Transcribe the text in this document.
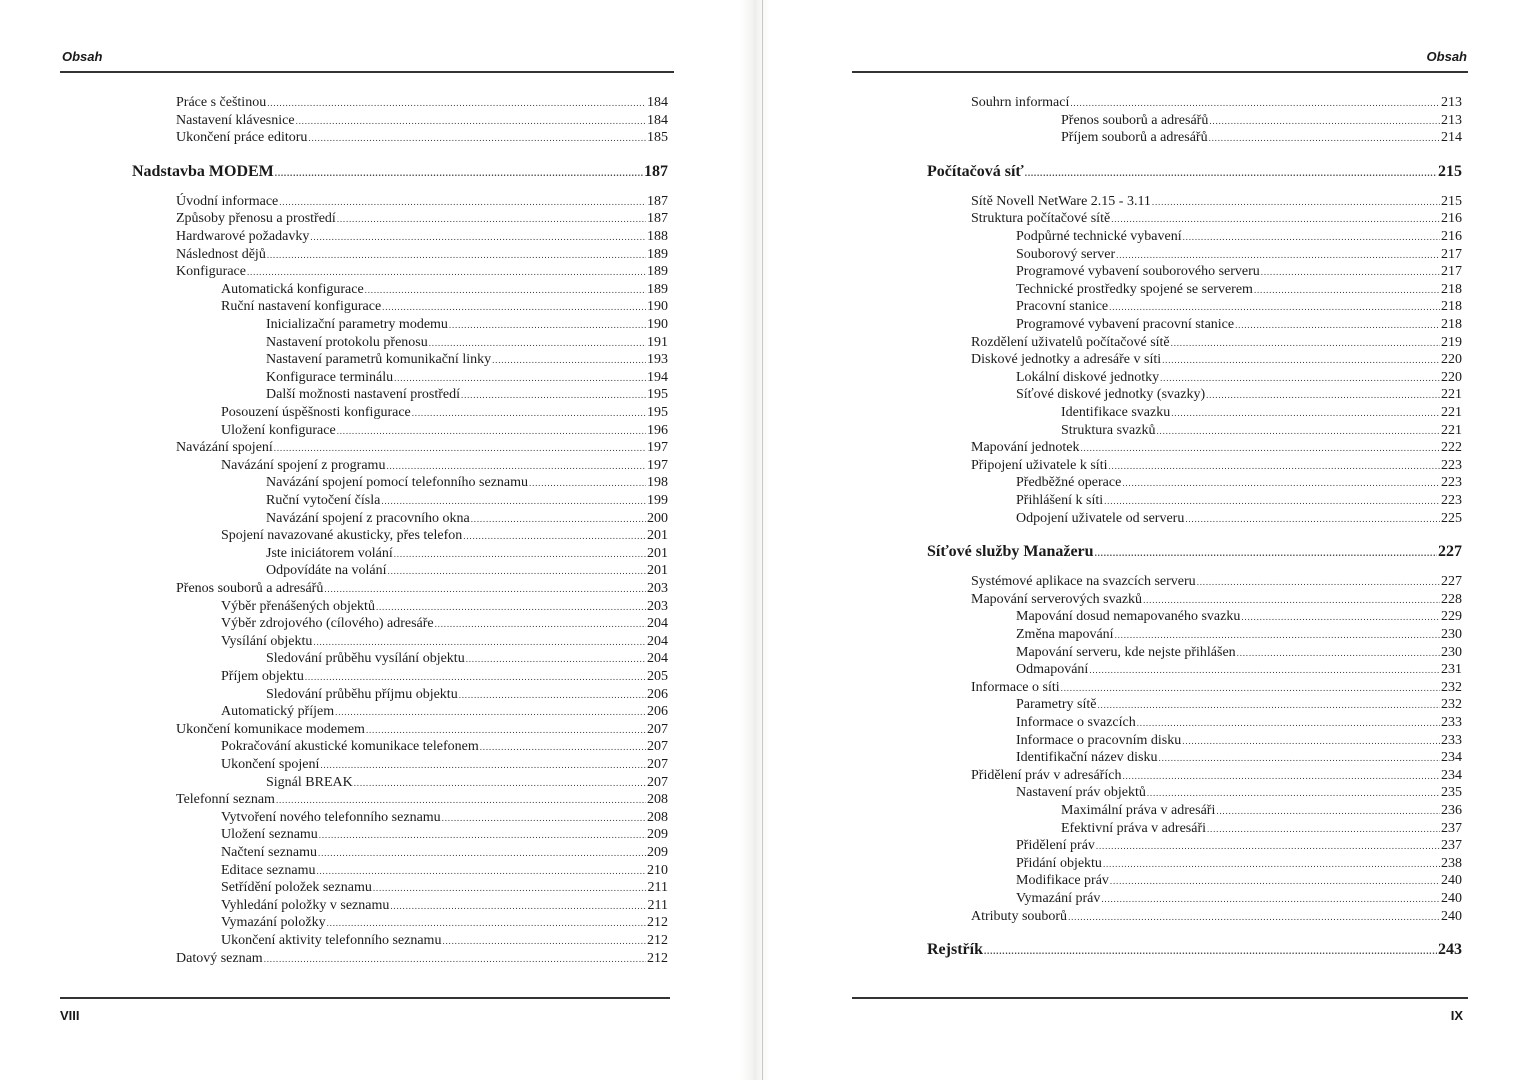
Obsah

Práce s češtinou .....	184
Nastavení klávesnice .....	184
Ukončení práce editoru .....	185
Nadstavba MODEM .....	187
Úvodní informace .....	187
Způsoby přenosu a prostředí .....	187
Hardwarové požadavky .....	188
Následnost dějů .....	189
Konfigurace .....	189
Automatická konfigurace .....	189
Ruční nastavení konfigurace .....	190
Inicializační parametry modemu .....	190
Nastavení protokolu přenosu .....	191
Nastavení parametrů komunikační linky .....	193
Konfigurace terminálu .....	194
Další možnosti nastavení prostředí .....	195
Posouzení úspěšnosti konfigurace .....	195
Uložení konfigurace .....	196
Navázání spojení .....	197
Navázání spojení z programu .....	197
Navázání spojení pomocí telefonního seznamu .....	198
Ruční vytočení čísla .....	199
Navázání spojení z pracovního okna .....	200
Spojení navazované akusticky, přes telefon .....	201
Jste iniciátorem volání .....	201
Odpovídáte na volání .....	201
Přenos souborů a adresářů .....	203
Výběr přenášených objektů .....	203
Výběr zdrojového (cílového) adresáře .....	204
Vysílání objektu .....	204
Sledování průběhu vysílání objektu .....	204
Příjem objektu .....	205
Sledování průběhu příjmu objektu .....	206
Automatický příjem .....	206
Ukončení komunikace modemem .....	207
Pokračování akustické komunikace telefonem .....	207
Ukončení spojení .....	207
Signál BREAK .....	207
Telefonní seznam .....	208
Vytvoření nového telefonního seznamu .....	208
Uložení seznamu .....	209
Načtení seznamu .....	209
Editace seznamu .....	210
Setřídění položek seznamu .....	211
Vyhledání položky v seznamu .....	211
Vymazání položky .....	212
Ukončení aktivity telefonního seznamu .....	212
Datový seznam .....	212

VIII

Obsah

Souhrn informací .....	213
Přenos souborů a adresářů .....	213
Příjem souborů a adresářů .....	214
Počítačová síť .....	215
Sítě Novell NetWare 2.15 - 3.11 .....	215
Struktura počítačové sítě .....	216
Podpůrné technické vybavení .....	216
Souborový server .....	217
Programové vybavení souborového serveru .....	217
Technické prostředky spojené se serverem .....	218
Pracovní stanice .....	218
Programové vybavení pracovní stanice .....	218
Rozdělení uživatelů počítačové sítě .....	219
Diskové jednotky a adresáře v síti .....	220
Lokální diskové jednotky .....	220
Síťové diskové jednotky (svazky) .....	221
Identifikace svazku .....	221
Struktura svazků .....	221
Mapování jednotek .....	222
Připojení uživatele k síti .....	223
Předběžné operace .....	223
Přihlášení k síti .....	223
Odpojení uživatele od serveru .....	225
Síťové služby Manažeru .....	227
Systémové aplikace na svazcích serveru .....	227
Mapování serverových svazků .....	228
Mapování dosud nemapovaného svazku .....	229
Změna mapování .....	230
Mapování serveru, kde nejste přihlášen .....	230
Odmapování .....	231
Informace o síti .....	232
Parametry sítě .....	232
Informace o svazcích .....	233
Informace o pracovním disku .....	233
Identifikační název disku .....	234
Přidělení práv v adresářích .....	234
Nastavení práv objektů .....	235
Maximální práva v adresáři .....	236
Efektivní práva v adresáři .....	237
Přidělení práv .....	237
Přidání objektu .....	238
Modifikace práv .....	240
Vymazání práv .....	240
Atributy souborů .....	240
Rejstřík .....	243

IX
